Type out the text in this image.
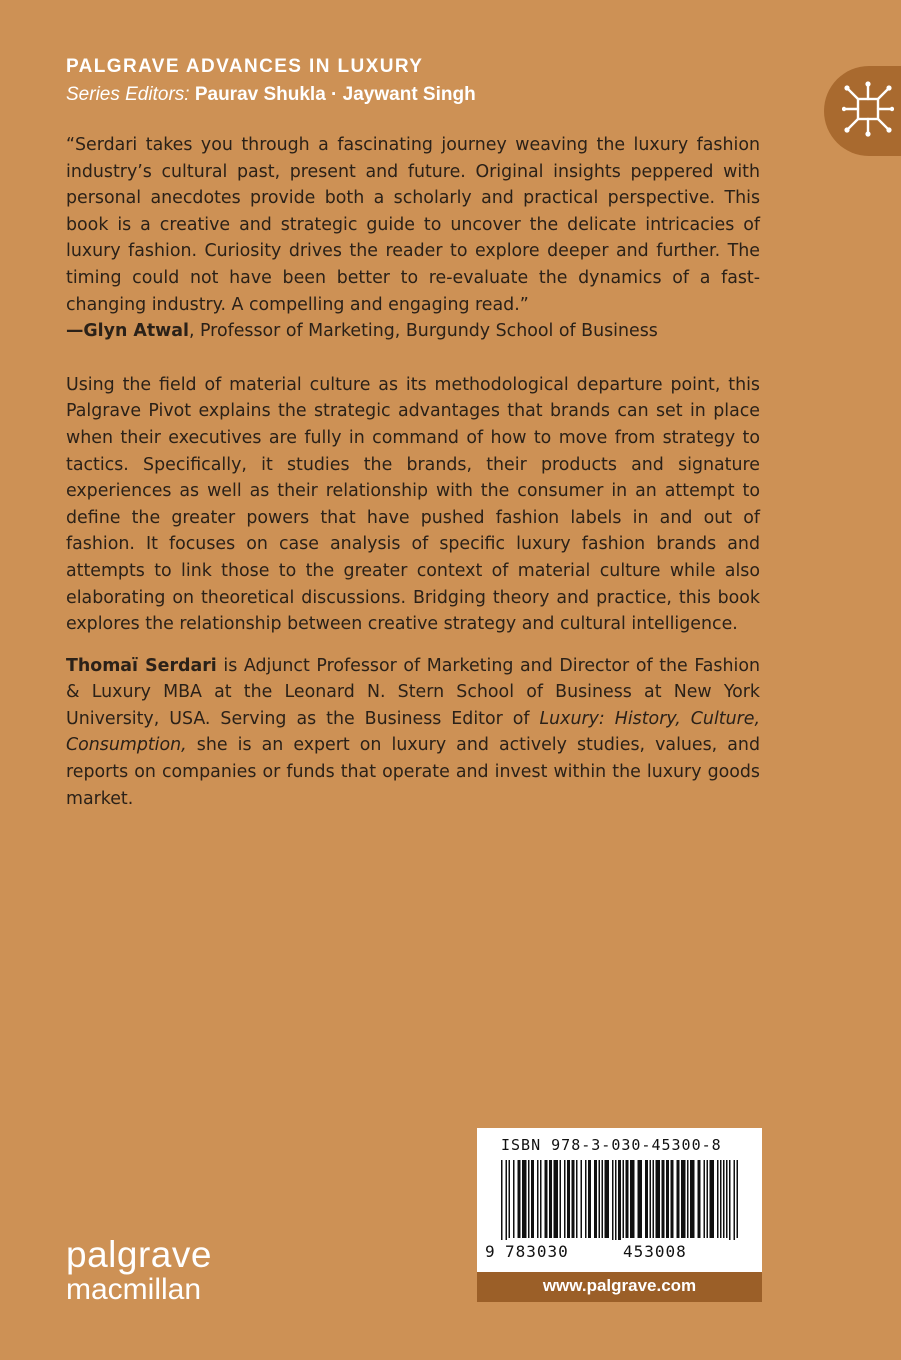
PALGRAVE ADVANCES IN LUXURY
Series Editors: Paurav Shukla · Jaywant Singh

“Serdari takes you through a fascinating journey weaving the luxury fashion industry’s cultural past, present and future. Original insights peppered with personal anecdotes provide both a scholarly and practical perspective. This book is a creative and strategic guide to uncover the delicate intricacies of luxury fashion. Curiosity drives the reader to explore deeper and further. The timing could not have been better to re-evaluate the dynamics of a fast-changing industry. A compelling and engaging read.”

—Glyn Atwal, Professor of Marketing, Burgundy School of Business

Using the field of material culture as its methodological departure point, this Palgrave Pivot explains the strategic advantages that brands can set in place when their executives are fully in command of how to move from strategy to tactics. Specifically, it studies the brands, their products and signature experiences as well as their relationship with the consumer in an attempt to define the greater powers that have pushed fashion labels in and out of fashion. It focuses on case analysis of specific luxury fashion brands and attempts to link those to the greater context of material culture while also elaborating on theoretical discussions. Bridging theory and practice, this book explores the relationship between creative strategy and cultural intelligence.

Thomaï Serdari is Adjunct Professor of Marketing and Director of the Fashion & Luxury MBA at the Leonard N. Stern School of Business at New York University, USA. Serving as the Business Editor of Luxury: History, Culture, Consumption, she is an expert on luxury and actively studies, values, and reports on companies or funds that operate and invest within the luxury goods market.

ISBN 978-3-030-45300-8
9 783030	453008
www.palgrave.com
palgrave
macmillan
